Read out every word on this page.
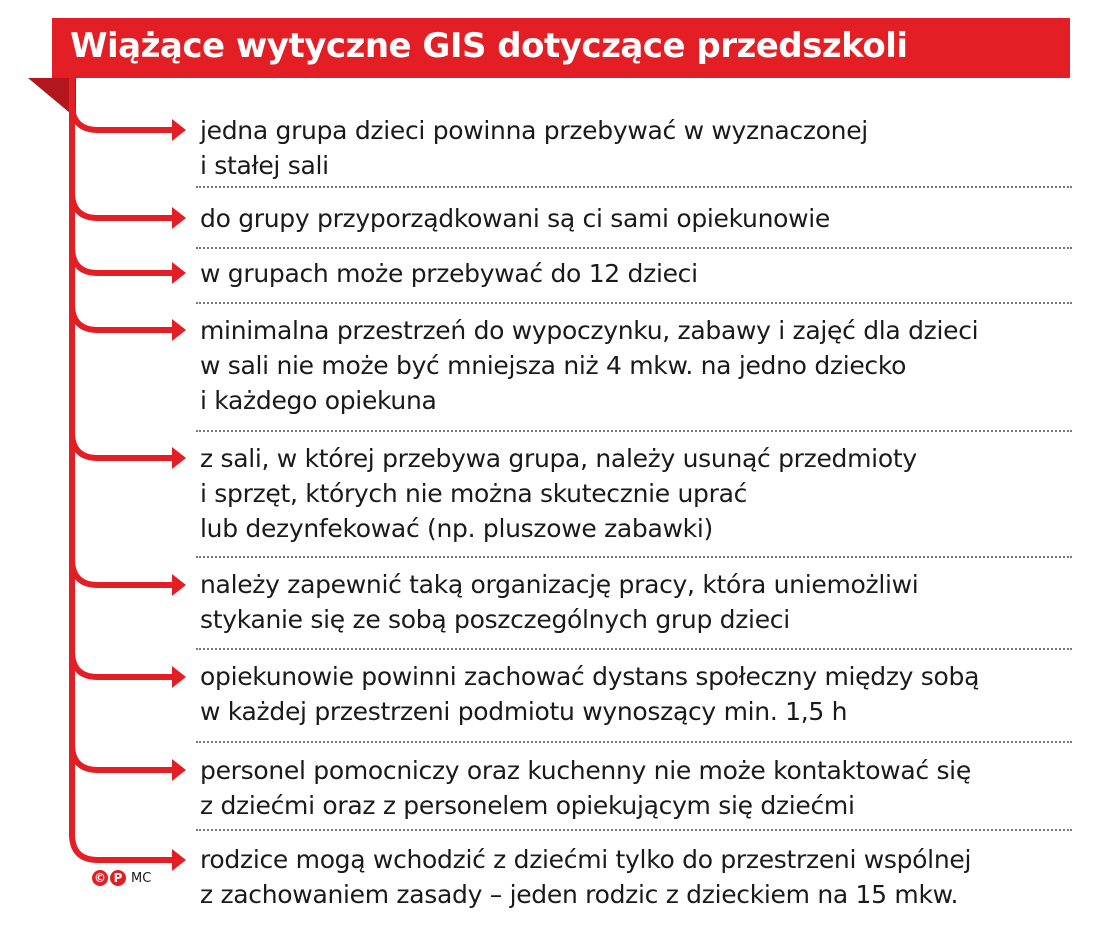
Wiążące wytyczne GIS dotyczące przedszkoli

jedna grupa dzieci powinna przebywać w wyznaczonej
i stałej sali

do grupy przyporządkowani są ci sami opiekunowie

w grupach może przebywać do 12 dzieci

minimalna przestrzeń do wypoczynku, zabawy i zajęć dla dzieci
w sali nie może być mniejsza niż 4 mkw. na jedno dziecko
i każdego opiekuna

z sali, w której przebywa grupa, należy usunąć przedmioty
i sprzęt, których nie można skutecznie uprać
lub dezynfekować (np. pluszowe zabawki)

należy zapewnić taką organizację pracy, która uniemożliwi
stykanie się ze sobą poszczególnych grup dzieci

opiekunowie powinni zachować dystans społeczny między sobą
w każdej przestrzeni podmiotu wynoszący min. 1,5 h

personel pomocniczy oraz kuchenny nie może kontaktować się
z dziećmi oraz z personelem opiekującym się dziećmi

rodzice mogą wchodzić z dziećmi tylko do przestrzeni wspólnej
z zachowaniem zasady – jeden rodzic z dzieckiem na 15 mkw.

© P MC
